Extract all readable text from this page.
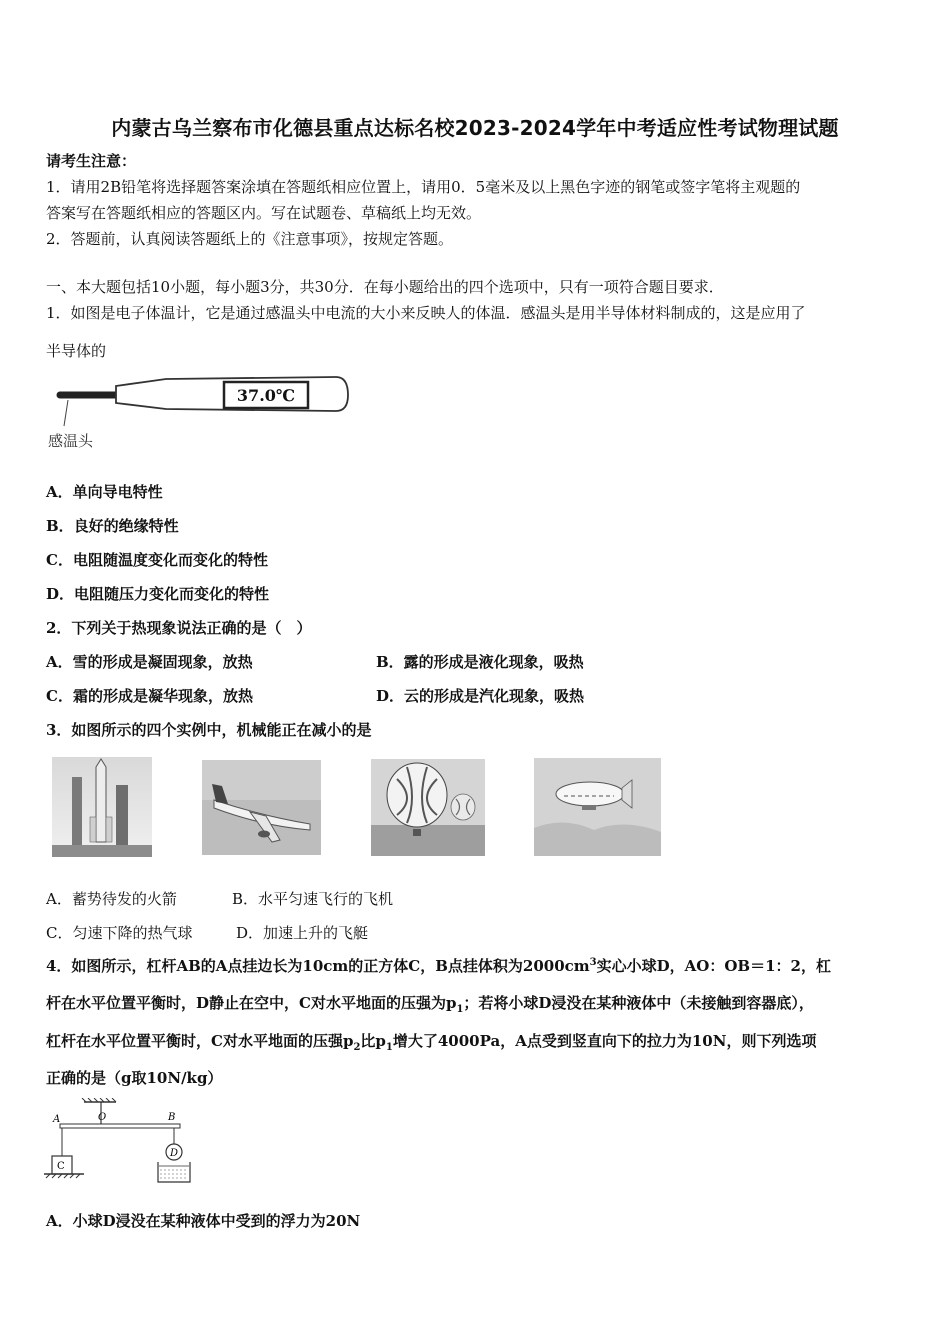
内蒙古乌兰察布市化德县重点达标名校2023-2024学年中考适应性考试物理试题
请考生注意：
1．请用2B铅笔将选择题答案涂填在答题纸相应位置上，请用0．5毫米及以上黑色字迹的钢笔或签字笔将主观题的
答案写在答题纸相应的答题区内。写在试题卷、草稿纸上均无效。
2．答题前，认真阅读答题纸上的《注意事项》，按规定答题。
一、本大题包括10小题，每小题3分，共30分．在每小题给出的四个选项中，只有一项符合题目要求．
1．如图是电子体温计，它是通过感温头中电流的大小来反映人的体温．感温头是用半导体材料制成的，这是应用了
半导体的
37.0℃
感温头
A．单向导电特性
B．良好的绝缘特性
C．电阻随温度变化而变化的特性
D．电阻随压力变化而变化的特性
2．下列关于热现象说法正确的是（　）
A．雪的形成是凝固现象，放热	B．露的形成是液化现象，吸热
C．霜的形成是凝华现象，放热	D．云的形成是汽化现象，吸热
3．如图所示的四个实例中，机械能正在减小的是
A．蓄势待发的火箭	B．水平匀速飞行的飞机
C．匀速下降的热气球	D．加速上升的飞艇
4．如图所示，杠杆AB的A点挂边长为10cm的正方体C，B点挂体积为$2000cm^3$实心小球D，AO：OB＝1：2，杠
杆在水平位置平衡时，D静止在空中，C对水平地面的压强为$p_1$；若将小球D浸没在某种液体中（未接触到容器底），
杠杆在水平位置平衡时，C对水平地面的压强$p_2$比$p_1$增大了4000Pa，A点受到竖直向下的拉力为10N，则下列选项
正确的是（g取10N/kg）
A	O	B
C
D
A．小球D浸没在某种液体中受到的浮力为20N
